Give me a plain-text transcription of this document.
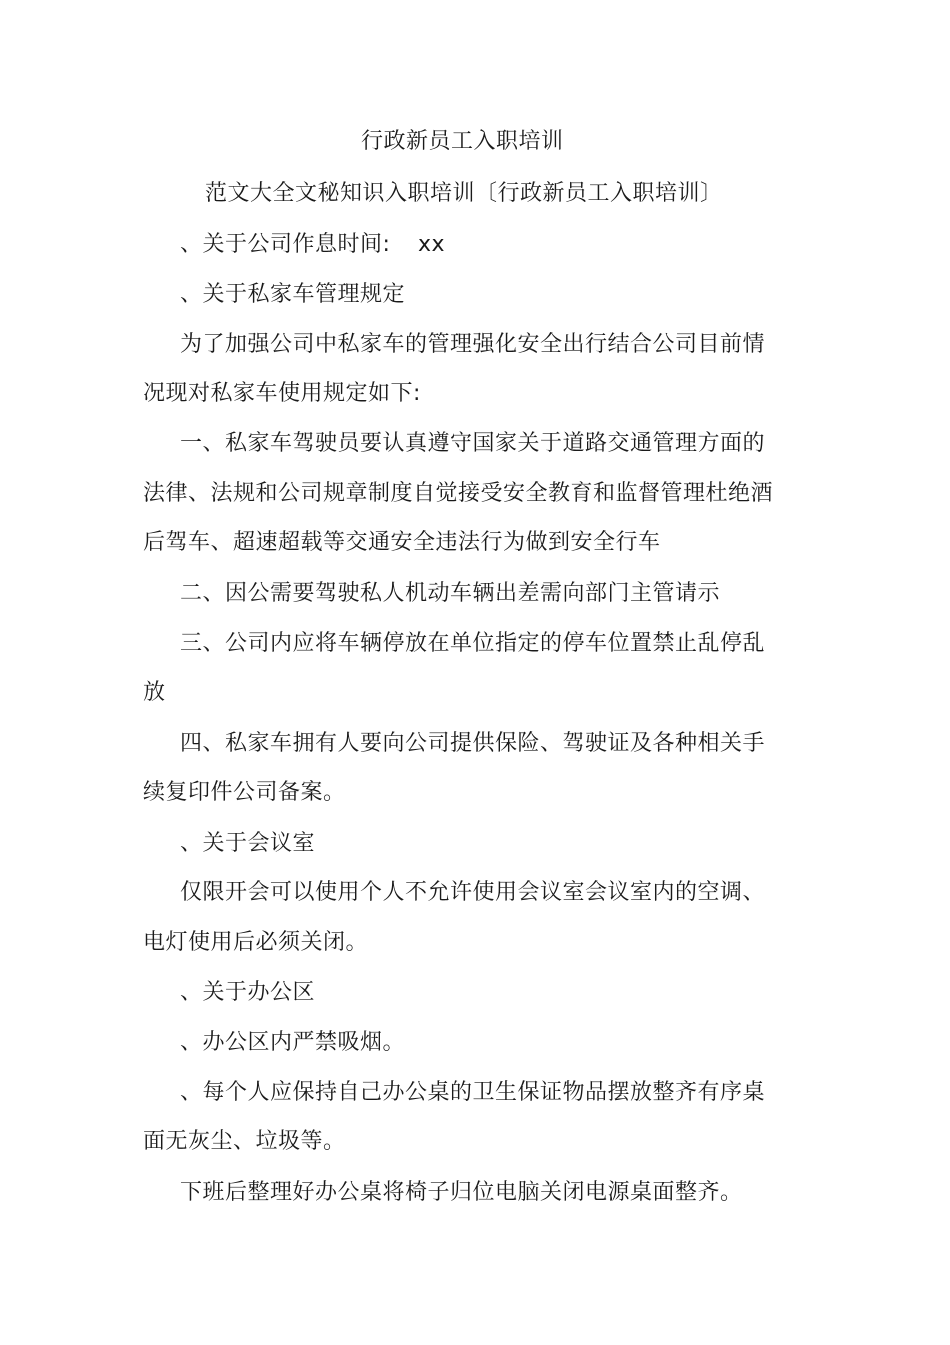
行政新员工入职培训
范文大全文秘知识入职培训〔行政新员工入职培训〕
、关于公司作息时间: xx
、关于私家车管理规定
为了加强公司中私家车的管理强化安全出行结合公司目前情
况现对私家车使用规定如下:
一、私家车驾驶员要认真遵守国家关于道路交通管理方面的
法律、法规和公司规章制度自觉接受安全教育和监督管理杜绝酒
后驾车、超速超载等交通安全违法行为做到安全行车
二、因公需要驾驶私人机动车辆出差需向部门主管请示
三、公司内应将车辆停放在单位指定的停车位置禁止乱停乱
放
四、私家车拥有人要向公司提供保险、驾驶证及各种相关手
续复印件公司备案。
、关于会议室
仅限开会可以使用个人不允许使用会议室会议室内的空调、
电灯使用后必须关闭。
、关于办公区
、办公区内严禁吸烟。
、每个人应保持自己办公桌的卫生保证物品摆放整齐有序桌
面无灰尘、垃圾等。
下班后整理好办公桌将椅子归位电脑关闭电源桌面整齐。
